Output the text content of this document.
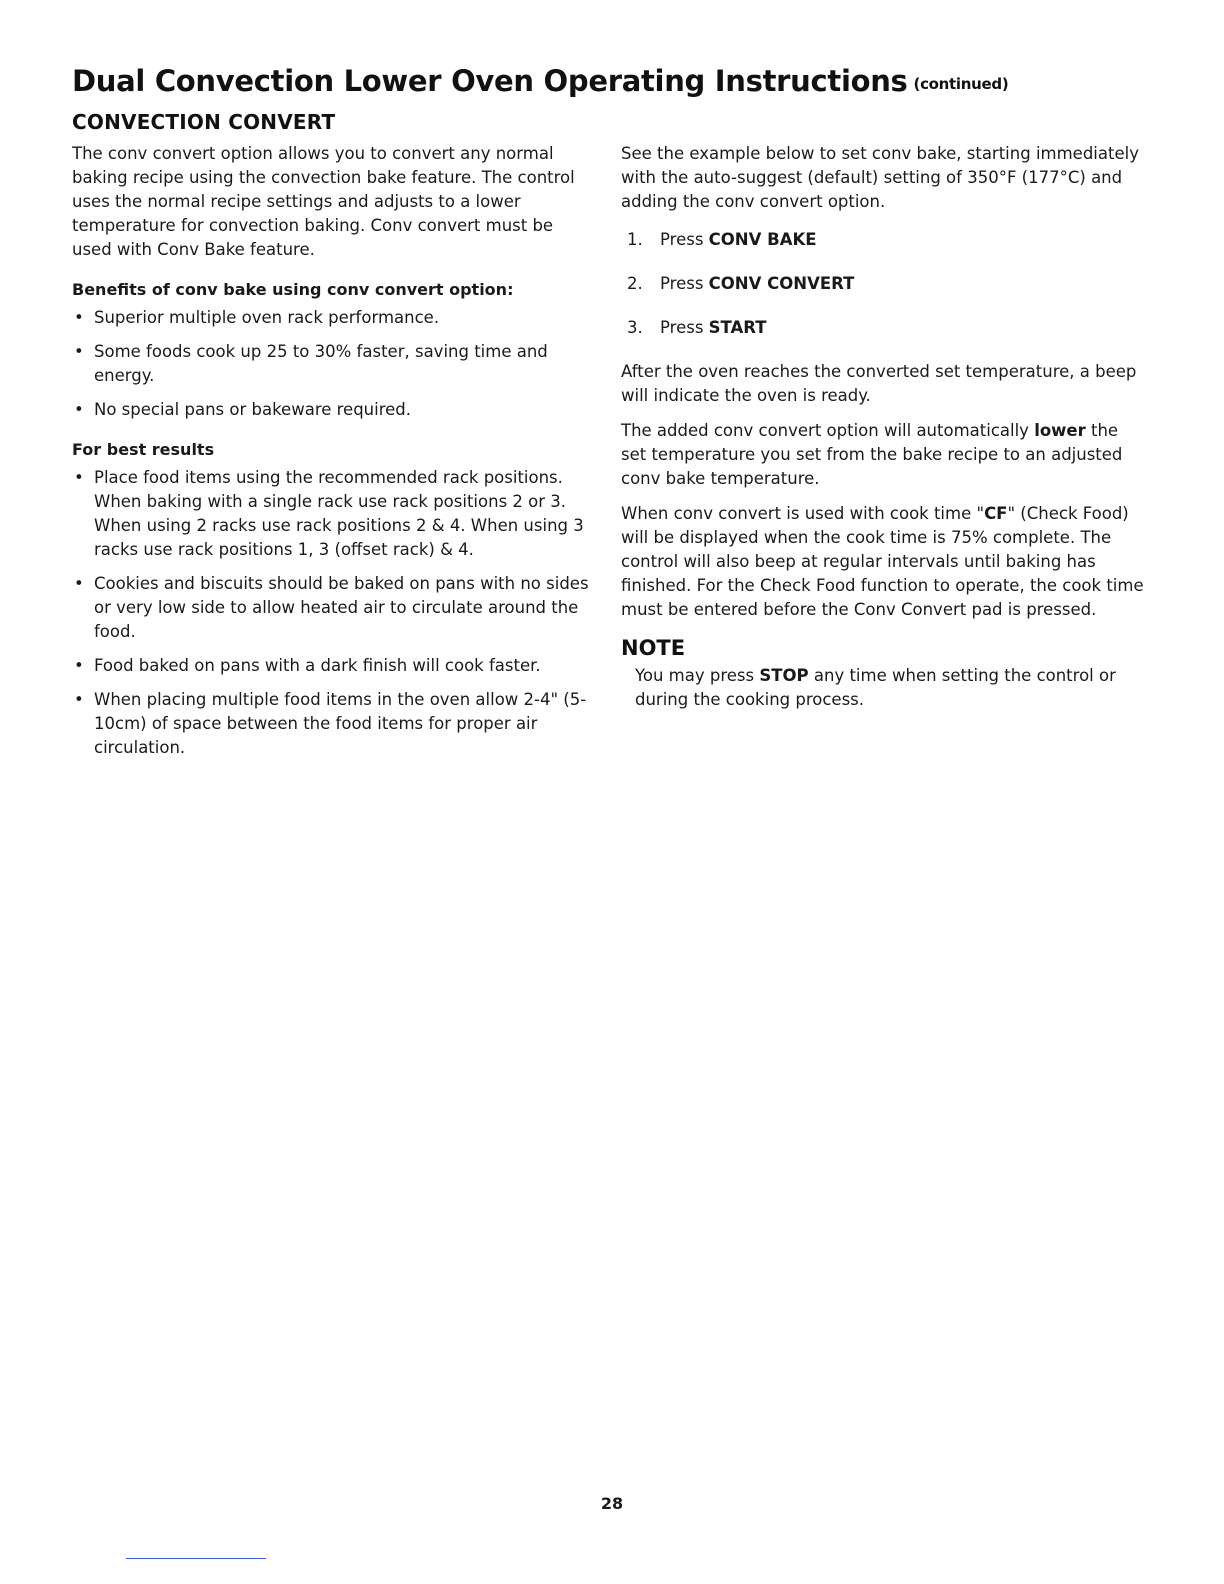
Dual Convection Lower Oven Operating Instructions (continued)
CONVECTION CONVERT

The conv convert option allows you to convert any normal baking recipe using the convection bake feature. The control uses the normal recipe settings and adjusts to a lower temperature for convection baking. Conv convert must be used with Conv Bake feature.

Benefits of conv bake using conv convert option:
• Superior multiple oven rack performance.
• Some foods cook up 25 to 30% faster, saving time and energy.
• No special pans or bakeware required.
For best results
• Place food items using the recommended rack positions. When baking with a single rack use rack positions 2 or 3. When using 2 racks use rack positions 2 & 4. When using 3 racks use rack positions 1, 3 (offset rack) & 4.
• Cookies and biscuits should be baked on pans with no sides or very low side to allow heated air to circulate around the food.
• Food baked on pans with a dark finish will cook faster.
• When placing multiple food items in the oven allow 2-4" (5-10cm) of space between the food items for proper air circulation.

See the example below to set conv bake, starting immediately with the auto-suggest (default) setting of 350°F (177°C) and adding the conv convert option.

1. Press CONV BAKE
2. Press CONV CONVERT
3. Press START

After the oven reaches the converted set temperature, a beep will indicate the oven is ready.

The added conv convert option will automatically lower the set temperature you set from the bake recipe to an adjusted conv bake temperature.

When conv convert is used with cook time "CF" (Check Food) will be displayed when the cook time is 75% complete. The control will also beep at regular intervals until baking has finished. For the Check Food function to operate, the cook time must be entered before the Conv Convert pad is pressed.

NOTE

You may press STOP any time when setting the control or during the cooking process.

28
